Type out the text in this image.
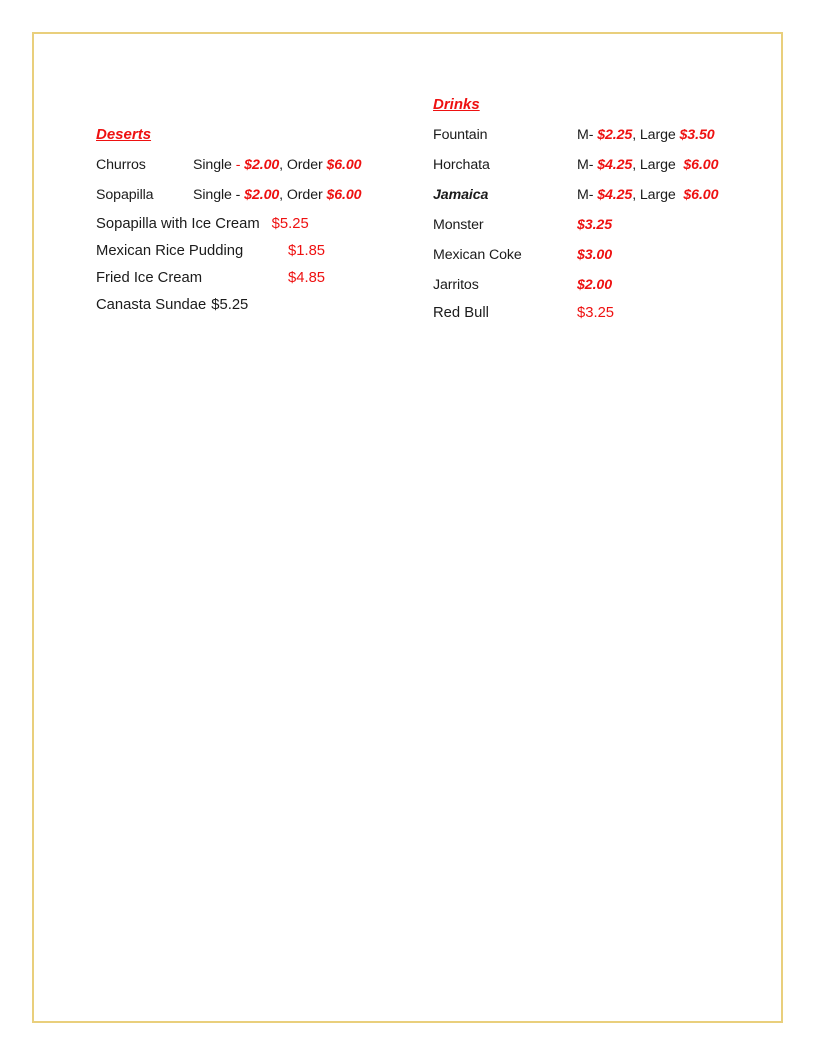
Deserts
Churros	Single - $2.00, Order $6.00
Sopapilla	Single - $2.00, Order $6.00
Sopapilla with Ice Cream $5.25
Mexican Rice Pudding	$1.85
Fried Ice Cream	$4.85
Canasta Sundae $5.25
Drinks
Fountain	M- $2.25, Large $3.50
Horchata	M- $4.25, Large  $6.00
Jamaica	M- $4.25, Large  $6.00
Monster	$3.25
Mexican Coke	$3.00
Jarritos	$2.00
Red Bull	$3.25
